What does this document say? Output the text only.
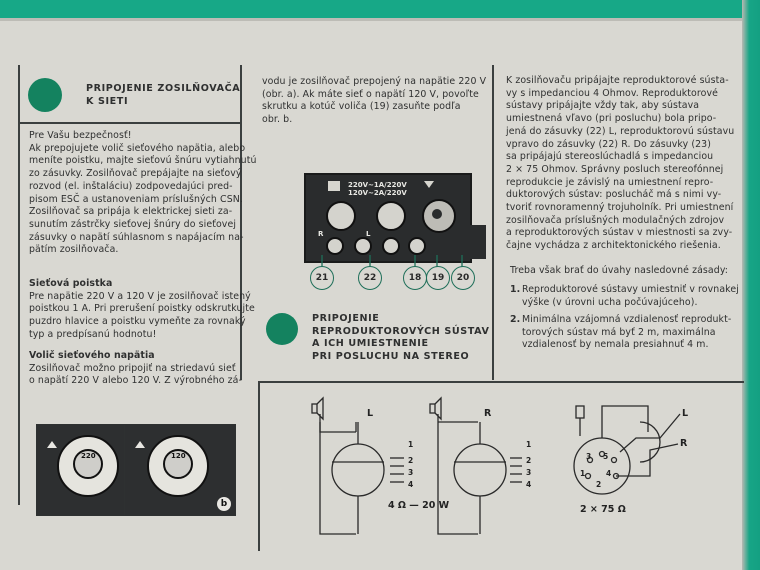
PRIPOJENIE ZOSILŇOVAČA
K SIETI
Pre Vašu bezpečnosť!
Ak prepojujete volič sieťového napätia, alebo
meníte poistku, majte sieťovú šnúru vytiahnutú
zo zásuvky. Zosilňovač prepájajte na sieťový
rozvod (el. inštaláciu) zodpovedajúci pred-
pisom ESČ a ustanoveniam príslušných CSN.
Zosilňovač sa pripája k elektrickej sieti za-
sunutím zástrčky sieťovej šnúry do sieťovej
zásuvky o napätí súhlasnom s napájacím na-
pätím zosilňovača.
Sieťová poistka
Pre napätie 220 V a 120 V je zosilňovač istený
poistkou 1 A. Pri prerušení poistky odskrutkujte
puzdro hlavice a poistku vymeňte za rovnaký
typ a predpísanú hodnotu!
Volič sieťového napätia
Zosilňovač možno pripojiť na striedavú sieť
o napätí 220 V alebo 120 V. Z výrobného zá-
220	120
b
vodu je zosilňovač prepojený na napätie 220 V
(obr. a). Ak máte sieť o napätí 120 V, povoľte
skrutku a kotúč voliča (19) zasuňte podľa
obr. b.
220V~1A/220V
120V~2A/220V
R	L
21	22	18	19	20
PRIPOJENIE
REPRODUKTOROVÝCH SÚSTAV
A ICH UMIESTNENIE
PRI POSLUCHU NA STEREO
K zosilňovaču pripájajte reproduktorové sústa-
vy s impedanciou 4 Ohmov. Reproduktorové
sústavy pripájajte vždy tak, aby sústava
umiestnená vľavo (pri posluchu) bola pripo-
jená do zásuvky (22) L, reproduktorovú sústavu
vpravo do zásuvky (22) R. Do zásuvky (23)
sa pripájajú stereoslúchadlá s impedanciou
2 × 75 Ohmov. Správny posluch stereofónnej
reprodukcie je závislý na umiestnení repro-
duktorových sústav: poslucháč má s nimi vy-
tvoriť rovnoramenný trojuholník. Pri umiestnení
zosilňovača príslušných modulačných zdrojov
a reproduktorových sústav v miestnosti sa zvy-
čajne vychádza z architektonického riešenia.
Treba však brať do úvahy nasledovné zásady:
1. Reproduktorové sústavy umiestniť v rovnakej
výške (v úrovni ucha počúvajúceho).
2. Minimálna vzájomná vzdialenosť reprodukt-
torových sústav má byť 2 m, maximálna
vzdialenosť by nemala presiahnuť 4 m.
L	R
1
2
3
4
1
2
3
4
3 5
1	4
2
L
R
4 Ω — 20 W	2 × 75 Ω
